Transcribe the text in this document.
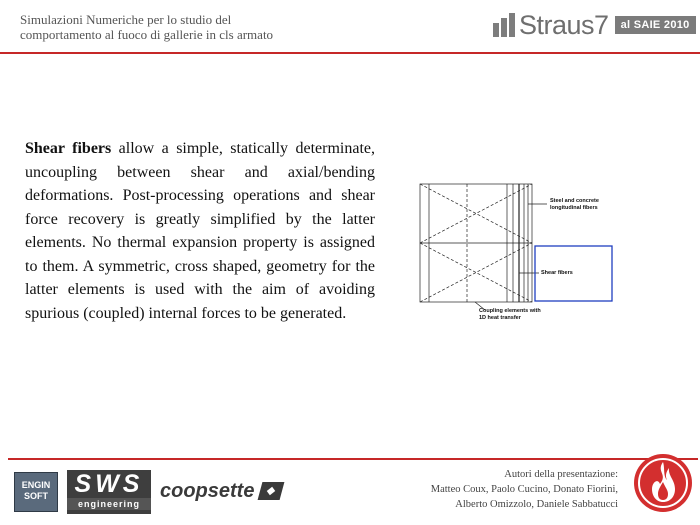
Simulazioni Numeriche per lo studio del
comportamento al fuoco di gallerie in cls armato	Straus7	al SAIE 2010
Shear fibers allow a simple, statically determinate, uncoupling between shear and axial/bending deformations. Post-processing operations and shear force recovery is greatly simplified by the latter elements. No thermal expansion property is assigned to them. A symmetric, cross shaped, geometry for the latter elements is used with the aim of avoiding spurious (coupled) internal forces to be generated.
Steel and concrete
longitudinal fibers
Shear fibers
Coupling elements with
1D heat transfer
ENGIN
SOFT	SWS
engineering
coopsette
Autori della presentazione:
Matteo Coux, Paolo Cucino, Donato Fiorini,
Alberto Omizzolo, Daniele Sabbatucci
